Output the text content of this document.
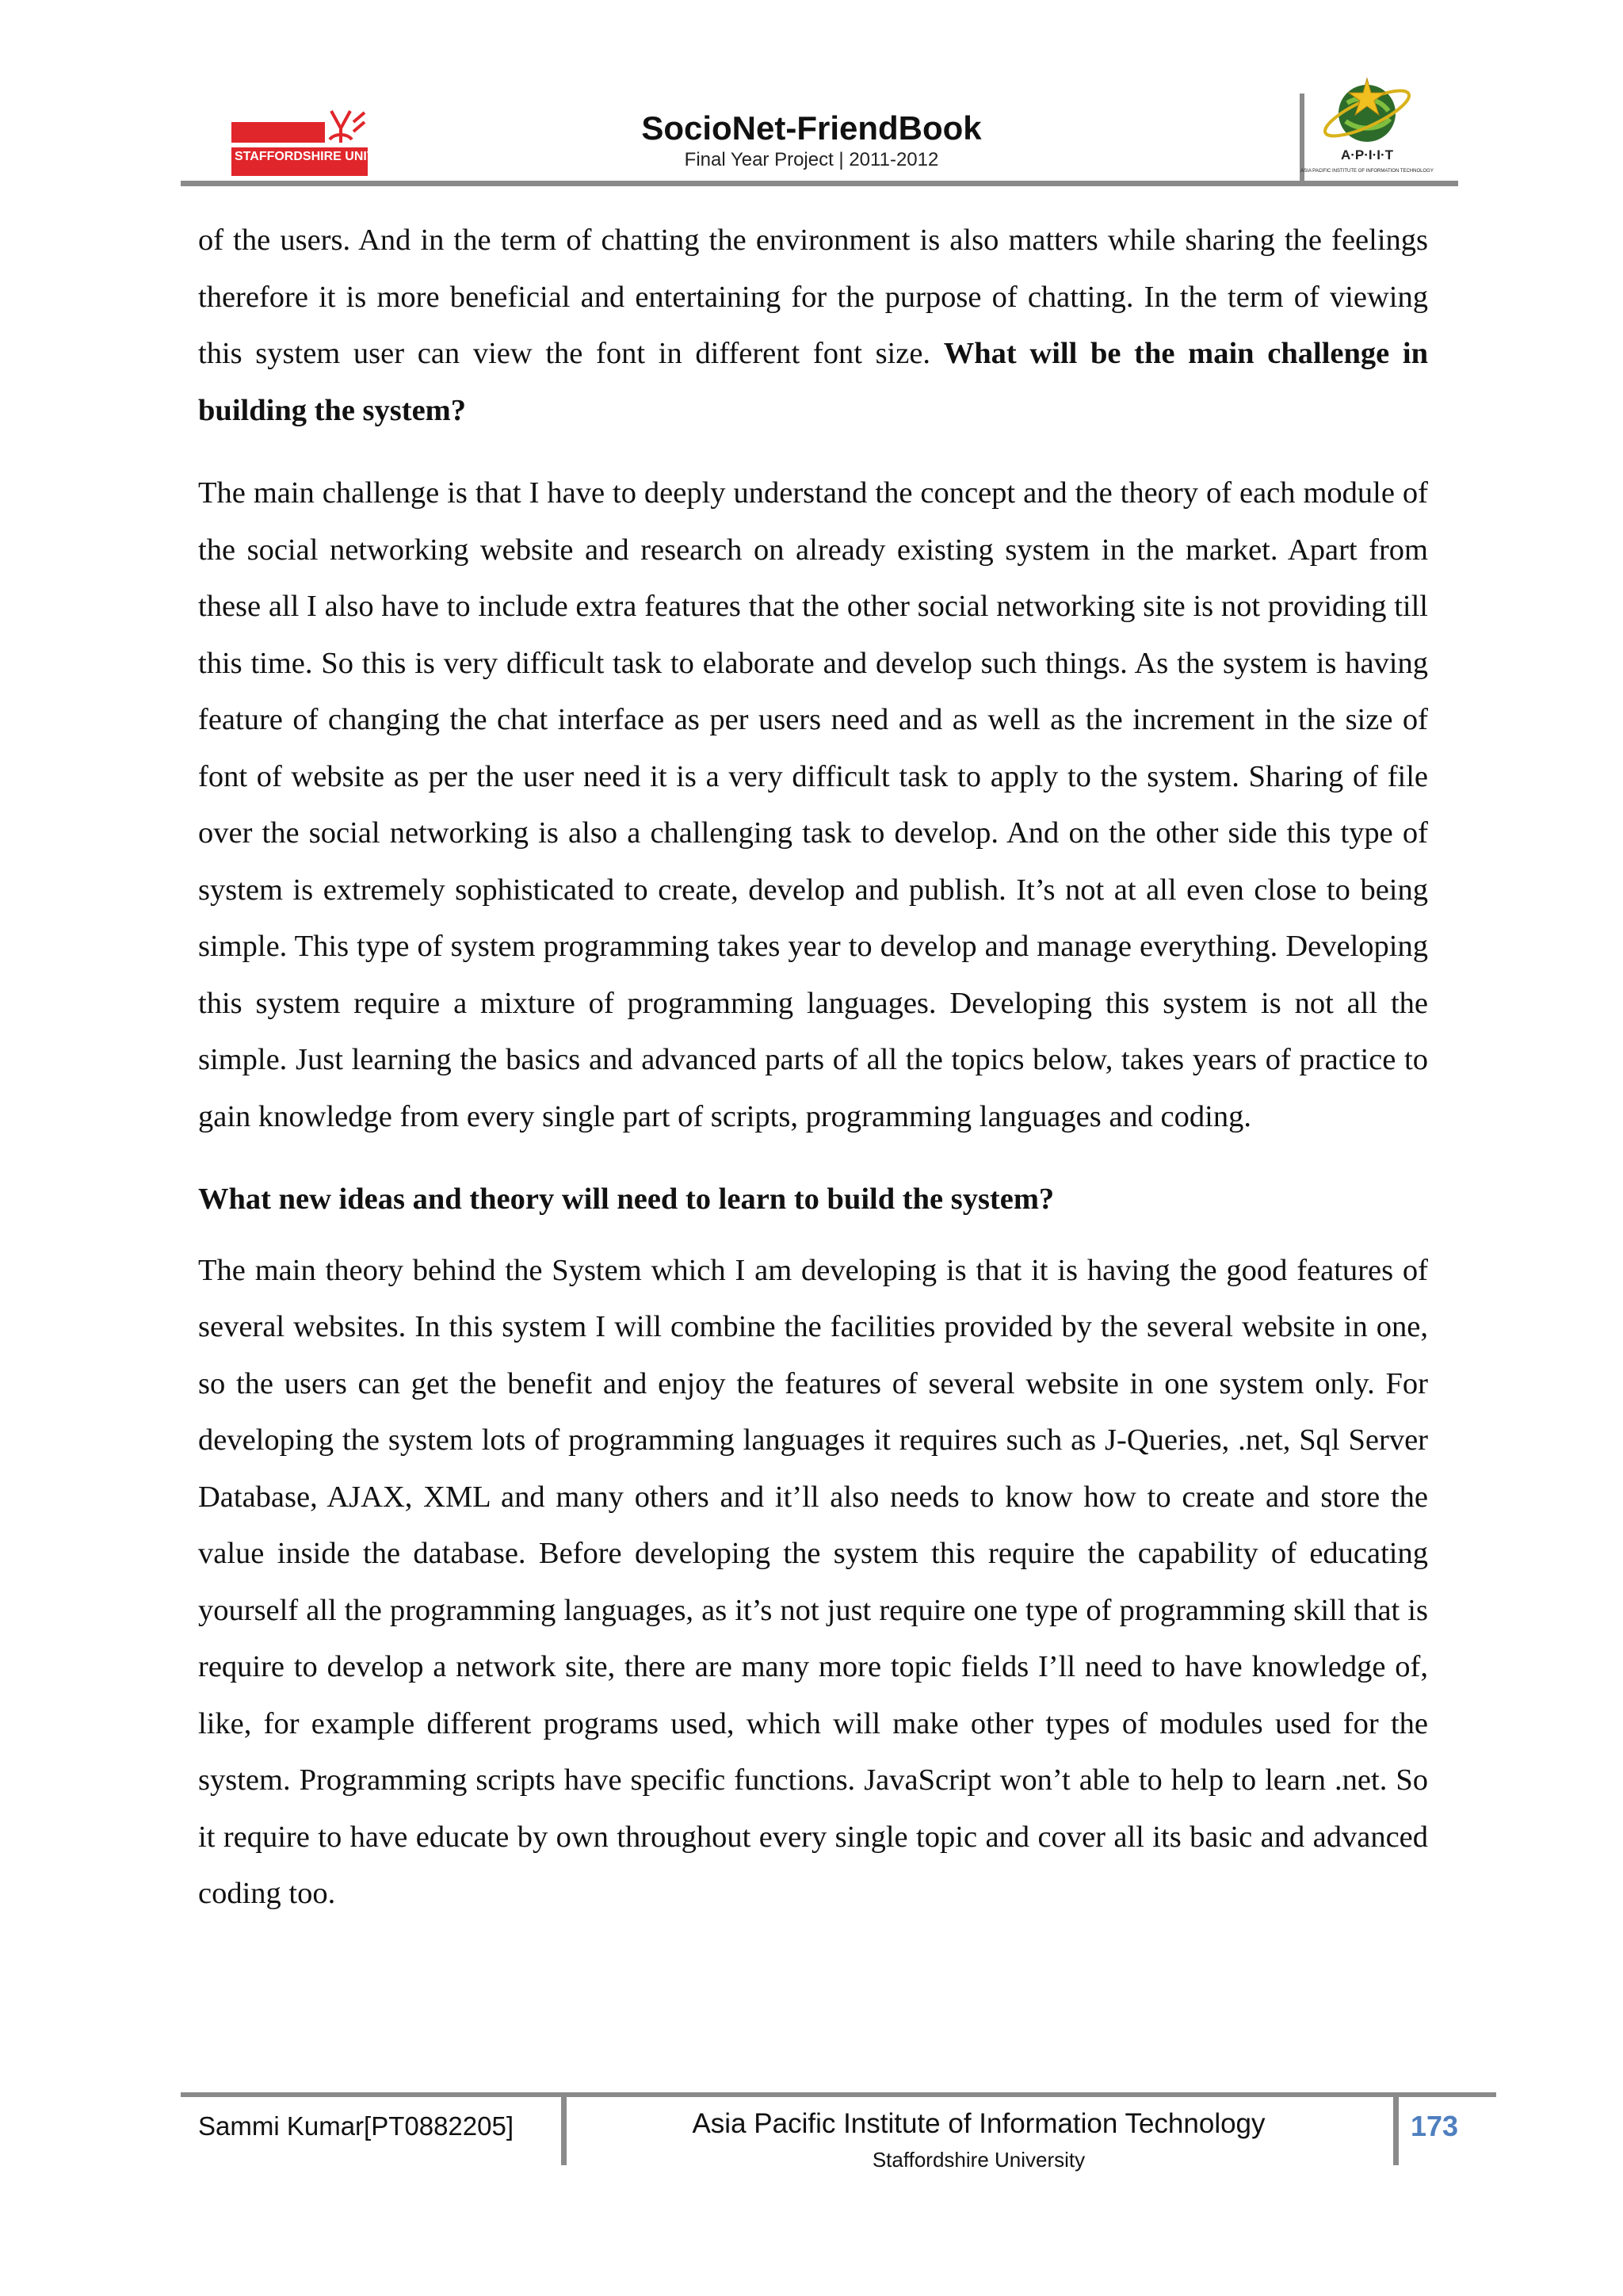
STAFFORDSHIRE UNIVERSITY
SocioNet-FriendBook
Final Year Project | 2011-2012	A·P·I·I·T
ASIA PACIFIC INSTITUTE OF INFORMATION TECHNOLOGY

of the users. And in the term of chatting the environment is also matters while sharing the feelings therefore it is more beneficial and entertaining for the purpose of chatting. In the term of viewing this system user can view the font in different font size. What will be the main challenge in building the system?

The main challenge is that I have to deeply understand the concept and the theory of each module of the social networking website and research on already existing system in the market. Apart from these all I also have to include extra features that the other social networking site is not providing till this time. So this is very difficult task to elaborate and develop such things. As the system is having feature of changing the chat interface as per users need and as well as the increment in the size of font of website as per the user need it is a very difficult task to apply to the system. Sharing of file over the social networking is also a challenging task to develop. And on the other side this type of system is extremely sophisticated to create, develop and publish. It’s not at all even close to being simple. This type of system programming takes year to develop and manage everything. Developing this system require a mixture of programming languages. Developing this system is not all the simple. Just learning the basics and advanced parts of all the topics below, takes years of practice to gain knowledge from every single part of scripts, programming languages and coding.

What new ideas and theory will need to learn to build the system?

The main theory behind the System which I am developing is that it is having the good features of several websites. In this system I will combine the facilities provided by the several website in one, so the users can get the benefit and enjoy the features of several website in one system only. For developing the system lots of programming languages it requires such as J-Queries, .net, Sql Server Database, AJAX, XML and many others and it’ll also needs to know how to create and store the value inside the database. Before developing the system this require the capability of educating yourself all the programming languages, as it’s not just require one type of programming skill that is require to develop a network site, there are many more topic fields I’ll need to have knowledge of, like, for example different programs used, which will make other types of modules used for the system. Programming scripts have specific functions. JavaScript won’t able to help to learn .net. So it require to have educate by own throughout every single topic and cover all its basic and advanced coding too.

Sammi Kumar[PT0882205]	Asia Pacific Institute of Information Technology
Staffordshire University
173
